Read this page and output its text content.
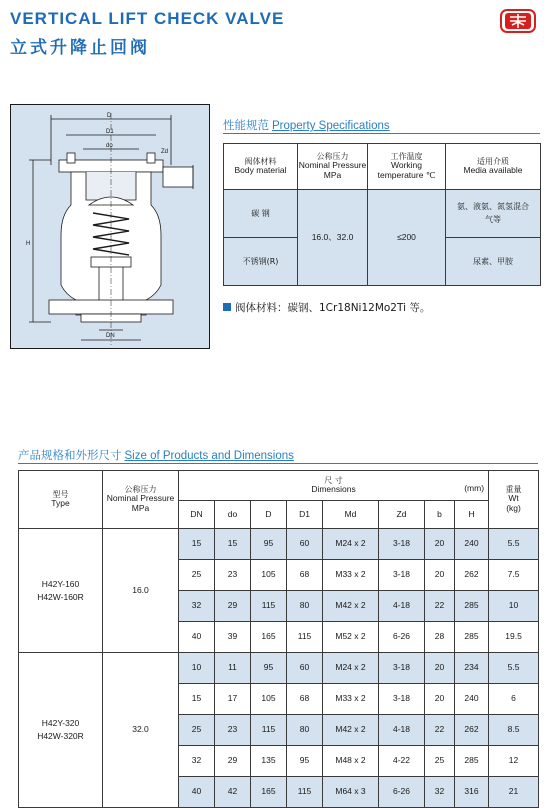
VERTICAL LIFT CHECK VALVE
立式升降止回阀
D
D1
do
Zd
H
DN
性能规范 Property Specifications
阀体材料
Body material	公称压力
Nominal Pressure MPa	工作温度
Working temperature ℃	适用介质
Media available

碳 钢	16.0、32.0	≤200	氨、液氨、氮氢混合气等

不锈钢(R)			尿素、甲胺
阀体材料：碳钢、1Cr18Ni12Mo2Ti 等。
产品规格和外形尺寸 Size of Products and Dimensions
型号
Type	公称压力
Nominal Pressure MPa	尺 寸
Dimensions (mm)								重量
Wt
(kg)

		DN	do	D	D1	Md	Zd	b	H	

H42Y-160
H42W-160R	16.0	15	15	95	60	M24 x 2	3-18	20	240	5.5
		25	23	105	68	M33 x 2	3-18	20	262	7.5
		32	29	115	80	M42 x 2	4-18	22	285	10
		40	39	165	115	M52 x 2	6-26	28	285	19.5

H42Y-320
H42W-320R	32.0	10	11	95	60	M24 x 2	3-18	20	234	5.5
		15	17	105	68	M33 x 2	3-18	20	240	6
		25	23	115	80	M42 x 2	4-18	22	262	8.5
		32	29	135	95	M48 x 2	4-22	25	285	12
		40	42	165	115	M64 x 3	6-26	32	316	21
